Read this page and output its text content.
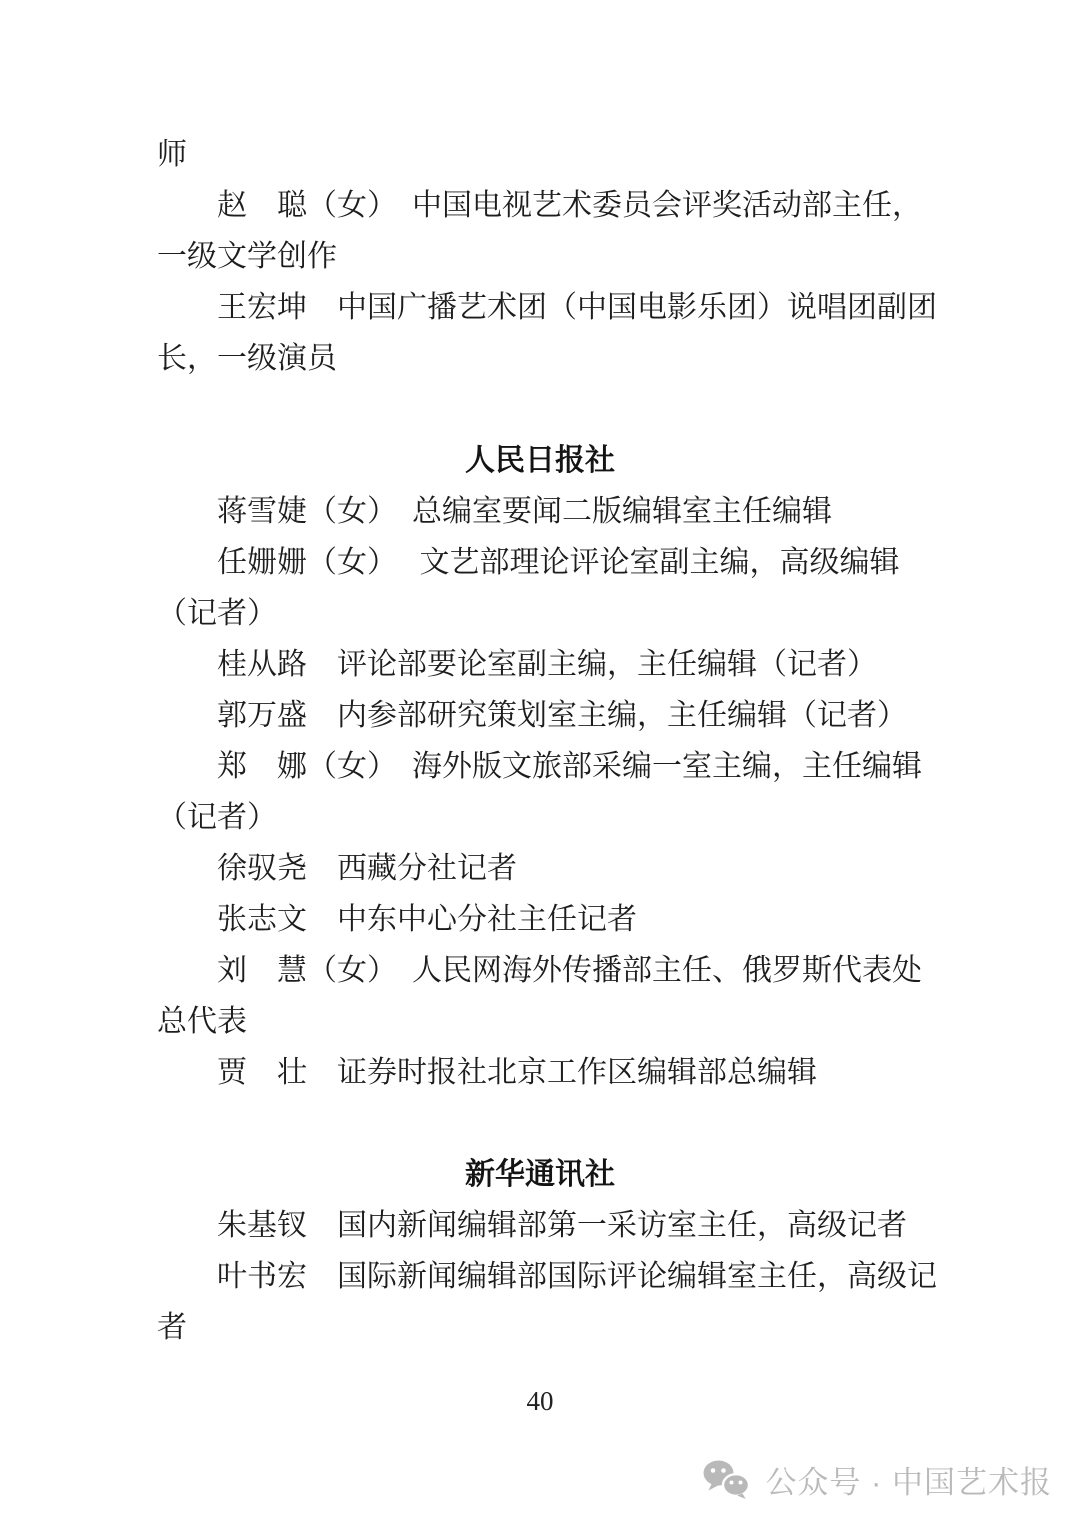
师
赵　聪（女）　中国电视艺术委员会评奖活动部主任，
一级文学创作
王宏坤　中国广播艺术团（中国电影乐团）说唱团副团
长，一级演员
人民日报社
蒋雪婕（女）　总编室要闻二版编辑室主任编辑
任姗姗（女）　 文艺部理论评论室副主编，高级编辑
（记者）
桂从路　评论部要论室副主编，主任编辑（记者）
郭万盛　内参部研究策划室主编，主任编辑（记者）
郑　娜（女）　海外版文旅部采编一室主编，主任编辑
（记者）
徐驭尧　西藏分社记者
张志文　中东中心分社主任记者
刘　慧（女）　人民网海外传播部主任、俄罗斯代表处
总代表
贾　壮　证券时报社北京工作区编辑部总编辑
新华通讯社
朱基钗　国内新闻编辑部第一采访室主任，高级记者
叶书宏　国际新闻编辑部国际评论编辑室主任，高级记
者
40
公众号 · 中国艺术报
